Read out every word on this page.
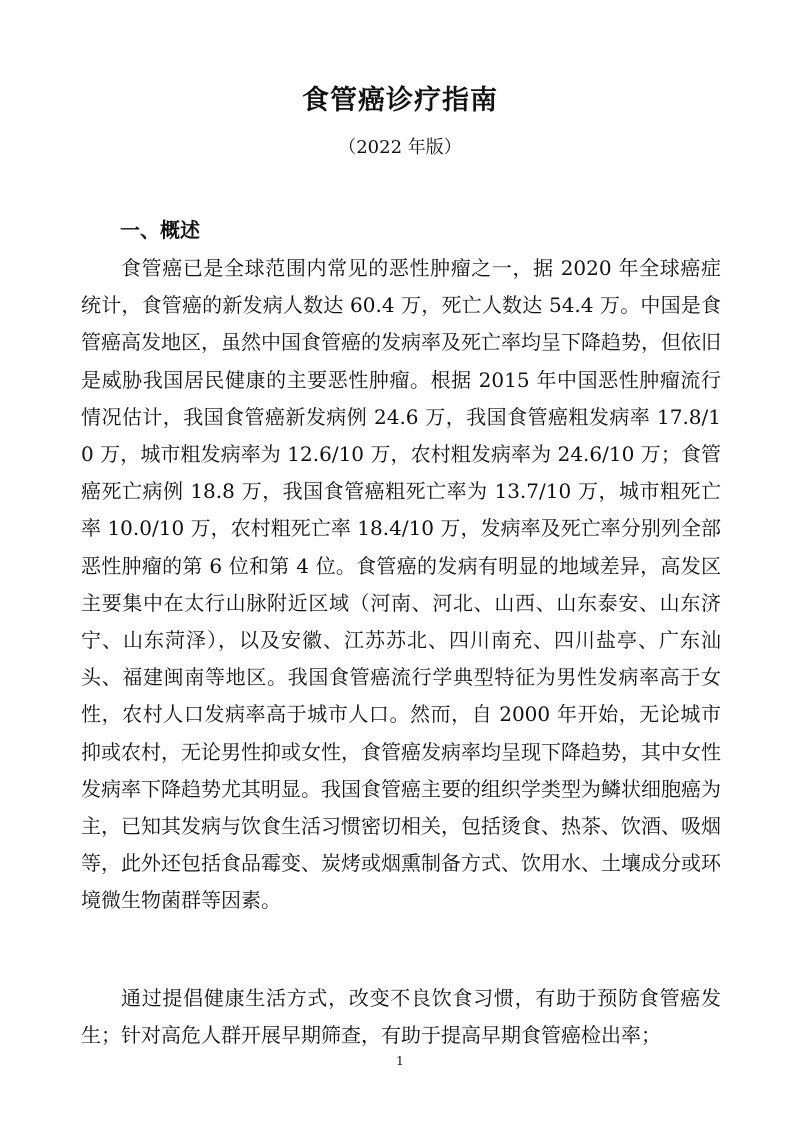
食管癌诊疗指南

（2022 年版）

一、概述

食管癌已是全球范围内常见的恶性肿瘤之一，据 2020 年全球癌症统计，食管癌的新发病人数达 60.4 万，死亡人数达 54.4 万。中国是食管癌高发地区，虽然中国食管癌的发病率及死亡率均呈下降趋势，但依旧是威胁我国居民健康的主要恶性肿瘤。根据 2015 年中国恶性肿瘤流行情况估计，我国食管癌新发病例 24.6 万，我国食管癌粗发病率 17.8/10 万，城市粗发病率为 12.6/10 万，农村粗发病率为 24.6/10 万；食管癌死亡病例 18.8 万，我国食管癌粗死亡率为 13.7/10 万，城市粗死亡率 10.0/10 万，农村粗死亡率 18.4/10 万，发病率及死亡率分别列全部恶性肿瘤的第 6 位和第 4 位。食管癌的发病有明显的地域差异，高发区主要集中在太行山脉附近区域（河南、河北、山西、山东泰安、山东济宁、山东菏泽），以及安徽、江苏苏北、四川南充、四川盐亭、广东汕头、福建闽南等地区。我国食管癌流行学典型特征为男性发病率高于女性，农村人口发病率高于城市人口。然而，自 2000 年开始，无论城市抑或农村，无论男性抑或女性，食管癌发病率均呈现下降趋势，其中女性发病率下降趋势尤其明显。我国食管癌主要的组织学类型为鳞状细胞癌为主，已知其发病与饮食生活习惯密切相关，包括烫食、热茶、饮酒、吸烟等，此外还包括食品霉变、炭烤或烟熏制备方式、饮用水、土壤成分或环境微生物菌群等因素。

通过提倡健康生活方式，改变不良饮食习惯，有助于预防食管癌发生；针对高危人群开展早期筛查，有助于提高早期食管癌检出率；

1
